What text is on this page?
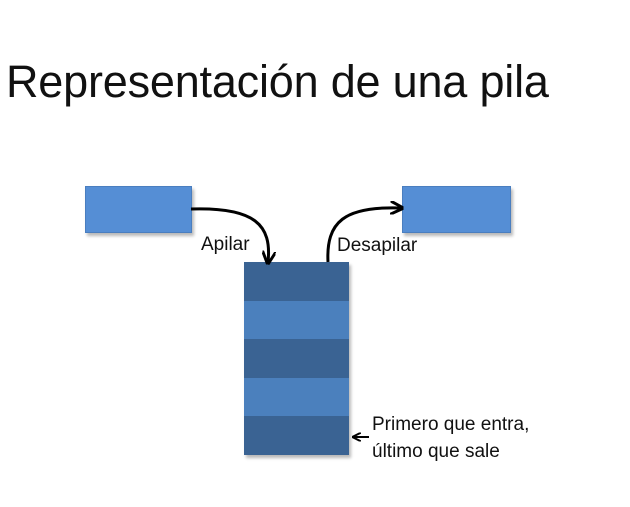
Representación de una pila
Apilar	Desapilar
Primero que entra,
último que sale
